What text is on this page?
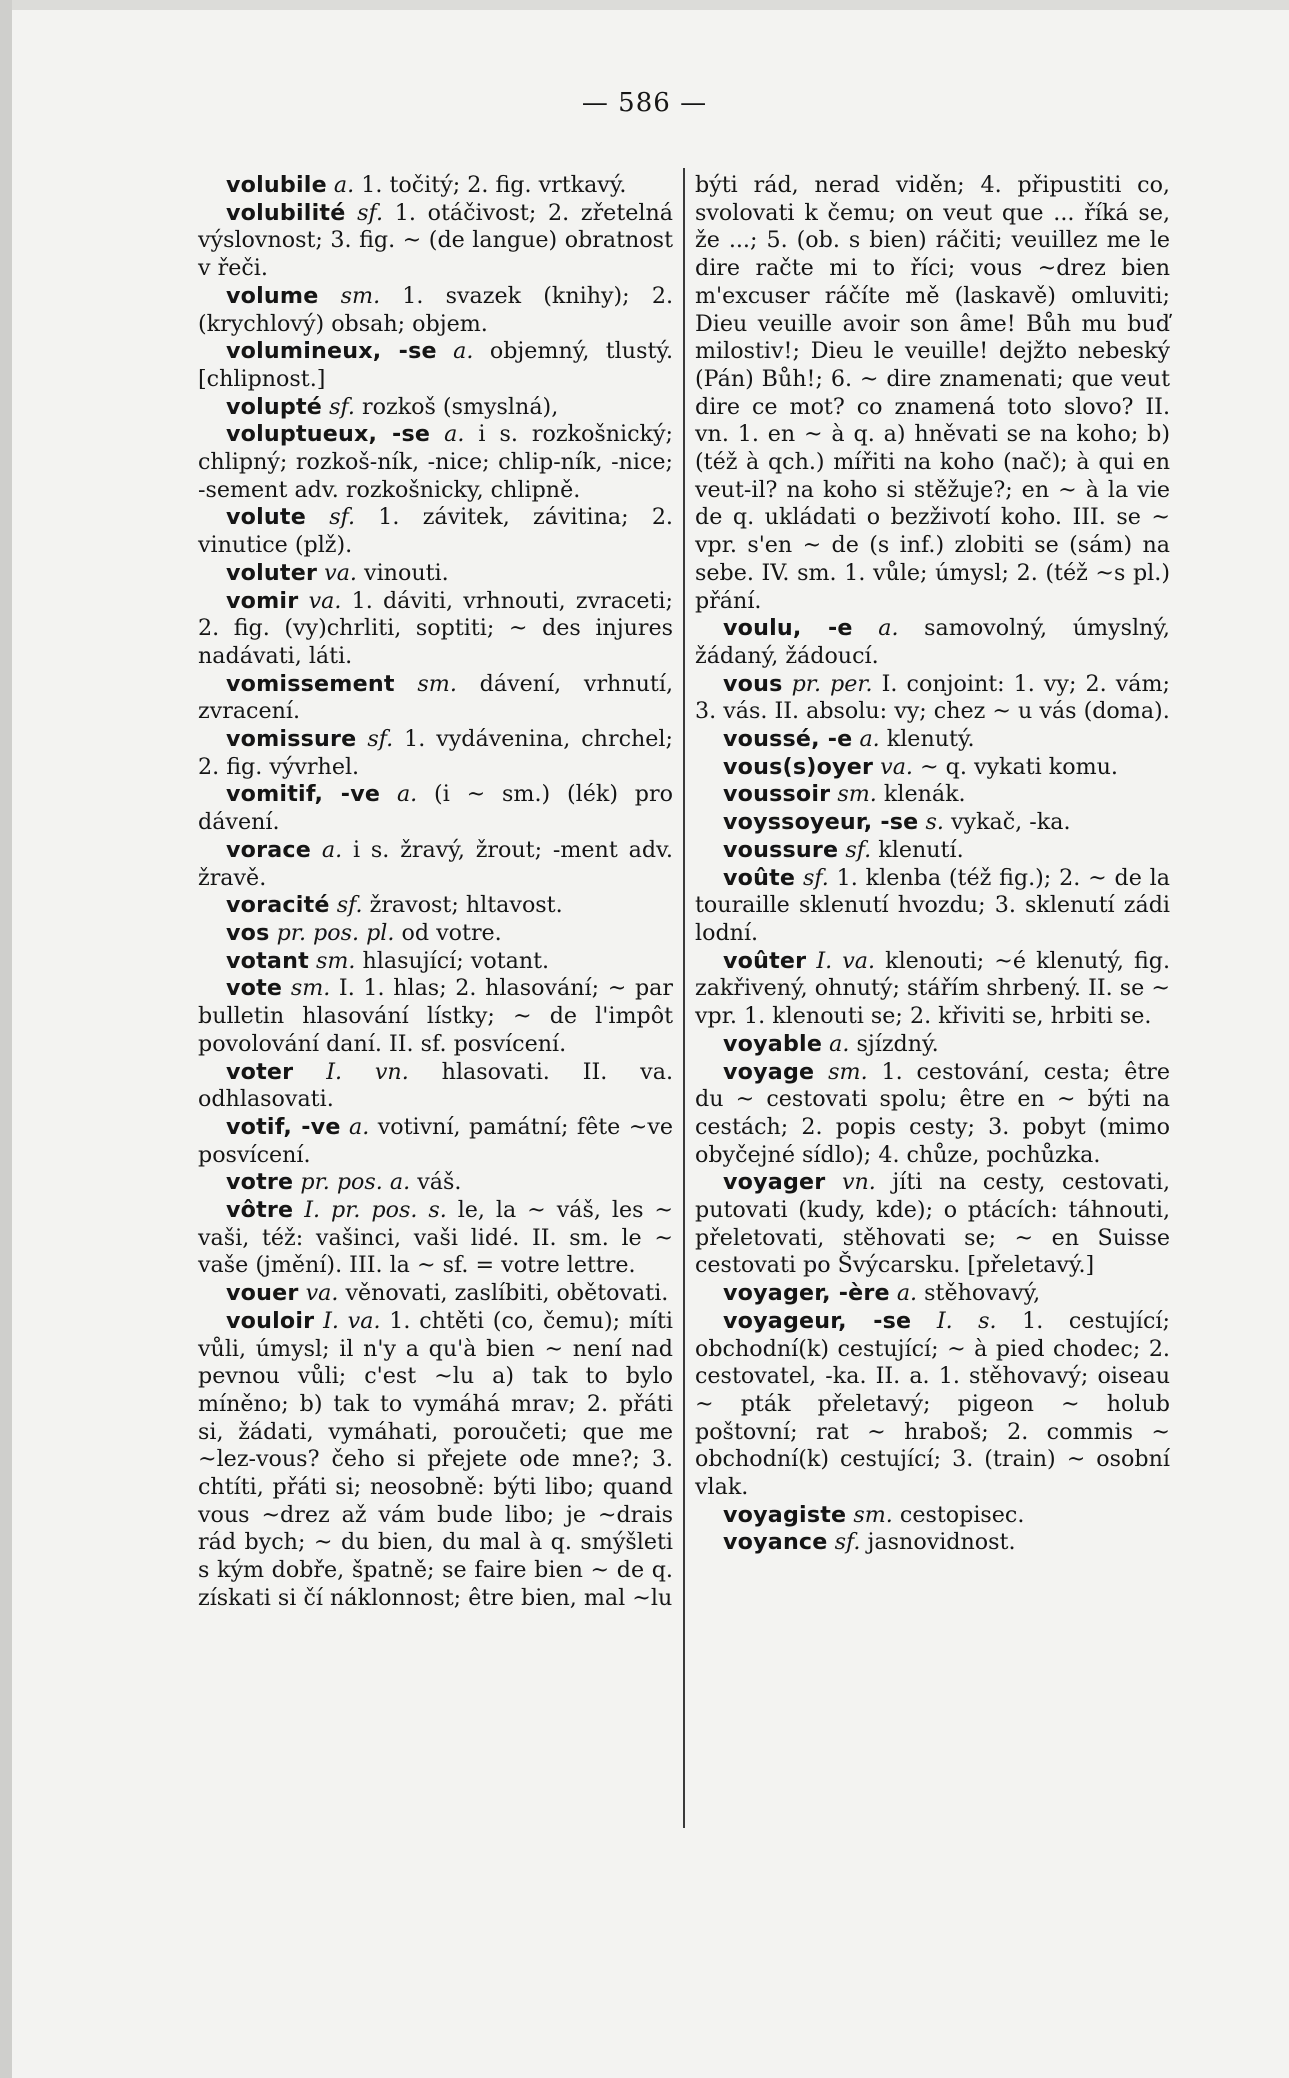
— 586 —

volubile a. 1. točitý; 2. fig. vrtkavý.

volubilité sf. 1. otáčivost; 2. zřetelná výslovnost; 3. fig. ~ (de langue) obratnost v řeči.

volume sm. 1. svazek (knihy); 2. (krychlový) obsah; objem.

volumineux, -se a. objemný, tlustý. [chlipnost.]

volupté sf. rozkoš (smyslná),

voluptueux, -se a. i s. rozkošnický; chlipný; rozkoš-ník, -nice; chlip-ník, -nice; -sement adv. rozkošnicky, chlipně.

volute sf. 1. závitek, závitina; 2. vinutice (plž).

voluter va. vinouti.

vomir va. 1. dáviti, vrhnouti, zvraceti; 2. fig. (vy)chrliti, soptiti; ~ des injures nadávati, láti.

vomissement sm. dávení, vrhnutí, zvracení.

vomissure sf. 1. vydávenina, chrchel; 2. fig. vývrhel.

vomitif, -ve a. (i ~ sm.) (lék) pro dávení.

vorace a. i s. žravý, žrout; -ment adv. žravě.

voracité sf. žravost; hltavost.

vos pr. pos. pl. od votre.

votant sm. hlasující; votant.

vote sm. I. 1. hlas; 2. hlasování; ~ par bulletin hlasování lístky; ~ de l'impôt povolování daní. II. sf. posvícení.

voter I. vn. hlasovati. II. va. odhlasovati.

votif, -ve a. votivní, památní; fête ~ve posvícení.

votre pr. pos. a. váš.

vôtre I. pr. pos. s. le, la ~ váš, les ~ vaši, též: vašinci, vaši lidé. II. sm. le ~ vaše (jmění). III. la ~ sf. = votre lettre.

vouer va. věnovati, zaslíbiti, obětovati.

vouloir I. va. 1. chtěti (co, čemu); míti vůli, úmysl; il n'y a qu'à bien ~ není nad pevnou vůli; c'est ~lu a) tak to bylo míněno; b) tak to vymáhá mrav; 2. přáti si, žádati, vymáhati, poroučeti; que me ~lez-vous? čeho si přejete ode mne?; 3. chtíti, přáti si; neosobně: býti libo; quand vous ~drez až vám bude libo; je ~drais rád bych; ~ du bien, du mal à q. smýšleti s kým dobře, špatně; se faire bien ~ de q. získati si čí náklonnost; être bien, mal ~lu

býti rád, nerad viděn; 4. připustiti co, svolovati k čemu; on veut que ... říká se, že ...; 5. (ob. s bien) ráčiti; veuillez me le dire račte mi to říci; vous ~drez bien m'excuser ráčíte mě (laskavě) omluviti; Dieu veuille avoir son âme! Bůh mu buď milostiv!; Dieu le veuille! dejžto nebeský (Pán) Bůh!; 6. ~ dire znamenati; que veut dire ce mot? co znamená toto slovo? II. vn. 1. en ~ à q. a) hněvati se na koho; b) (též à qch.) mířiti na koho (nač); à qui en veut-il? na koho si stěžuje?; en ~ à la vie de q. ukládati o bezživotí koho. III. se ~ vpr. s'en ~ de (s inf.) zlobiti se (sám) na sebe. IV. sm. 1. vůle; úmysl; 2. (též ~s pl.) přání.

voulu, -e a. samovolný, úmyslný, žádaný, žádoucí.

vous pr. per. I. conjoint: 1. vy; 2. vám; 3. vás. II. absolu: vy; chez ~ u vás (doma).

voussé, -e a. klenutý.

vous(s)oyer va. ~ q. vykati komu.

voussoir sm. klenák.

voyssoyeur, -se s. vykač, -ka.

voussure sf. klenutí.

voûte sf. 1. klenba (též fig.); 2. ~ de la touraille sklenutí hvozdu; 3. sklenutí zádi lodní.

voûter I. va. klenouti; ~é klenutý, fig. zakřivený, ohnutý; stářím shrbený. II. se ~ vpr. 1. klenouti se; 2. křiviti se, hrbiti se.

voyable a. sjízdný.

voyage sm. 1. cestování, cesta; être du ~ cestovati spolu; être en ~ býti na cestách; 2. popis cesty; 3. pobyt (mimo obyčejné sídlo); 4. chůze, pochůzka.

voyager vn. jíti na cesty, cestovati, putovati (kudy, kde); o ptácích: táhnouti, přeletovati, stěhovati se; ~ en Suisse cestovati po Švýcarsku. [přeletavý.]

voyager, -ère a. stěhovavý,

voyageur, -se I. s. 1. cestující; obchodní(k) cestující; ~ à pied chodec; 2. cestovatel, -ka. II. a. 1. stěhovavý; oiseau ~ pták přeletavý; pigeon ~ holub poštovní; rat ~ hraboš; 2. commis ~ obchodní(k) cestující; 3. (train) ~ osobní vlak.

voyagiste sm. cestopisec.

voyance sf. jasnovidnost.
